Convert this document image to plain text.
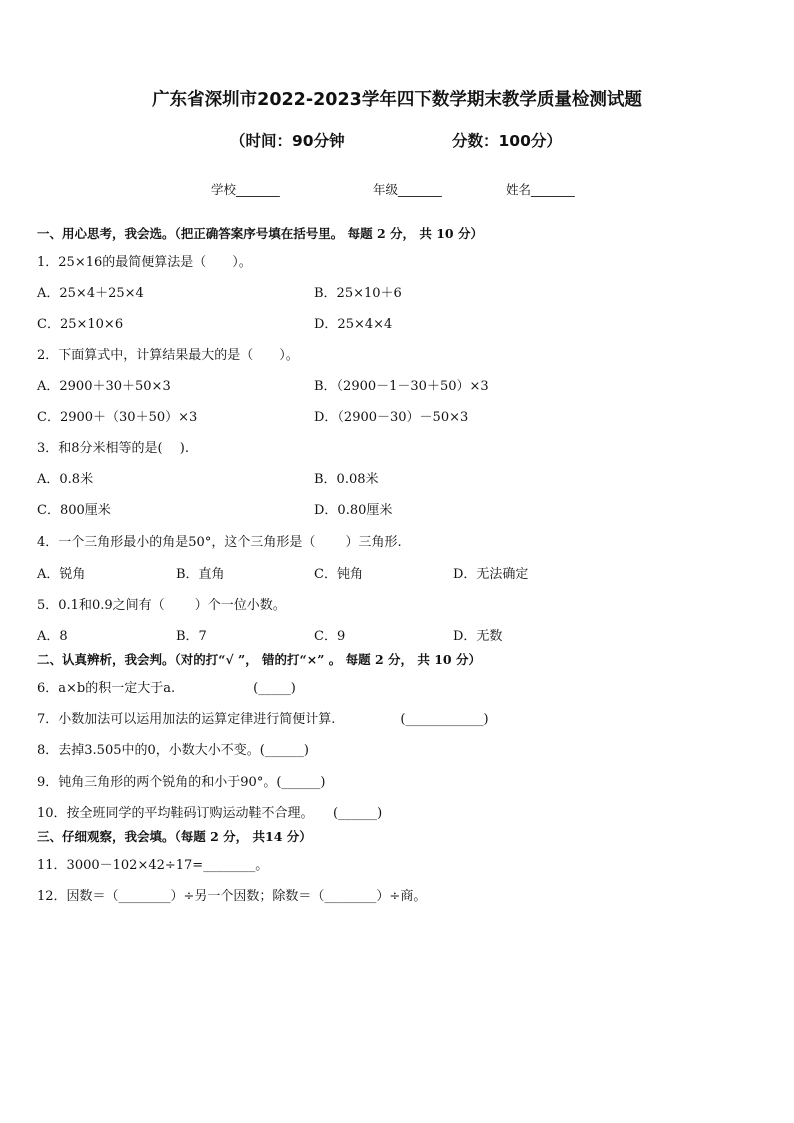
广东省深圳市2022-2023学年四下数学期末教学质量检测试题
（时间：90分钟	分数：100分）
学校_______	年级_______	姓名_______
一、用心思考，我会选。（把正确答案序号填在括号里。 每题 2 分， 共 10 分）
1．25×16的最简便算法是（　　）。
A．25×4＋25×4	B．25×10＋6
C．25×10×6	D．25×4×4
2．下面算式中，计算结果最大的是（　　）。
A．2900＋30＋50×3	B．（2900－1－30＋50）×3
C．2900＋（30＋50）×3	D．（2900－30）－50×3
3．和8分米相等的是(　 ).
A．0.8米	B．0.08米
C．800厘米	D．0.80厘米
4．一个三角形最小的角是50°，这个三角形是（　　 ）三角形.
A．锐角	B．直角	C．钝角	D．无法确定
5．0.1和0.9之间有（　　 ）个一位小数。
A．8	B．7	C．9	D．无数
二、认真辨析，我会判。（对的打“√ ”， 错的打“×” 。 每题 2 分， 共 10 分）
6．a×b的积一定大于a.　　　　　　(_____)
7．小数加法可以运用加法的运算定律进行简便计算.　　　　　(____________)
8．去掉3.505中的0，小数大小不变。(______)
9．钝角三角形的两个锐角的和小于90°。(______)
10．按全班同学的平均鞋码订购运动鞋不合理。　　(______)
三、仔细观察，我会填。（每题 2 分， 共14 分）
11．3000－102×42÷17=________。
12．因数＝（________）÷另一个因数；除数＝（________）÷商。
